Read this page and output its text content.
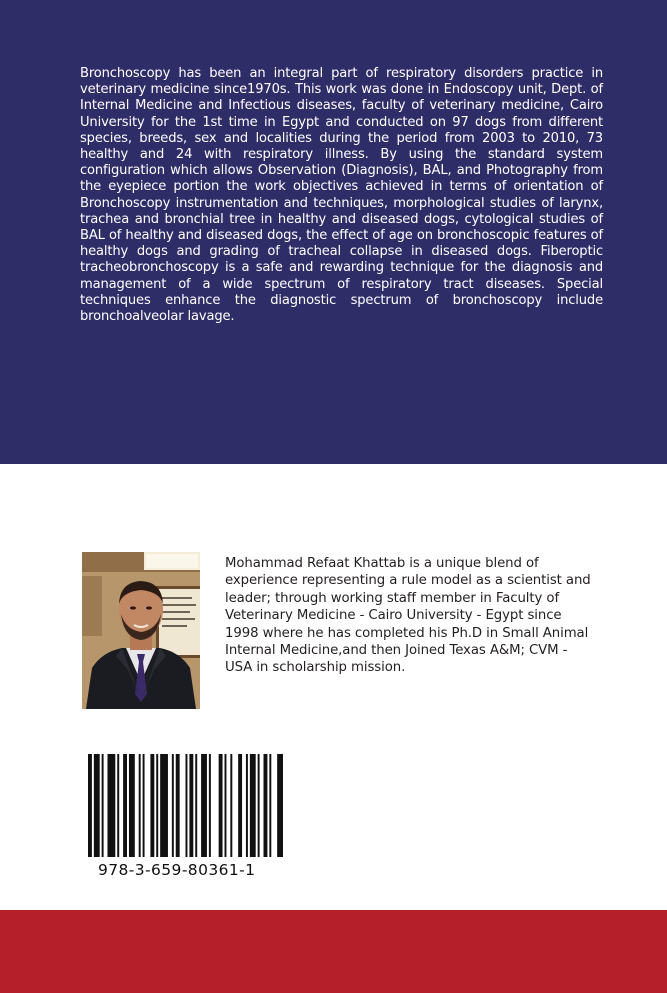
Bronchoscopy has been an integral part of respiratory disorders practice in veterinary medicine since1970s. This work was done in Endoscopy unit, Dept. of Internal Medicine and Infectious diseases, faculty of veterinary medicine, Cairo University for the 1st time in Egypt and conducted on 97 dogs from different species, breeds, sex and localities during the period from 2003 to 2010, 73 healthy and 24 with respiratory illness. By using the standard system configuration which allows Observation (Diagnosis), BAL, and Photography from the eyepiece portion the work objectives achieved in terms of orientation of Bronchoscopy instrumentation and techniques, morphological studies of larynx, trachea and bronchial tree in healthy and diseased dogs, cytological studies of BAL of healthy and diseased dogs, the effect of age on bronchoscopic features of healthy dogs and grading of tracheal collapse in diseased dogs. Fiberoptic tracheobronchoscopy is a safe and rewarding technique for the diagnosis and management of a wide spectrum of respiratory tract diseases. Special techniques enhance the diagnostic spectrum of bronchoscopy include bronchoalveolar lavage.

Mohammad Refaat Khattab is a unique blend of experience representing a rule model as a scientist and leader; through working staff member in Faculty of Veterinary Medicine - Cairo University - Egypt since 1998 where he has completed his Ph.D in Small Animal Internal Medicine,and then Joined Texas A&M; CVM - USA in scholarship mission.

978-3-659-80361-1
